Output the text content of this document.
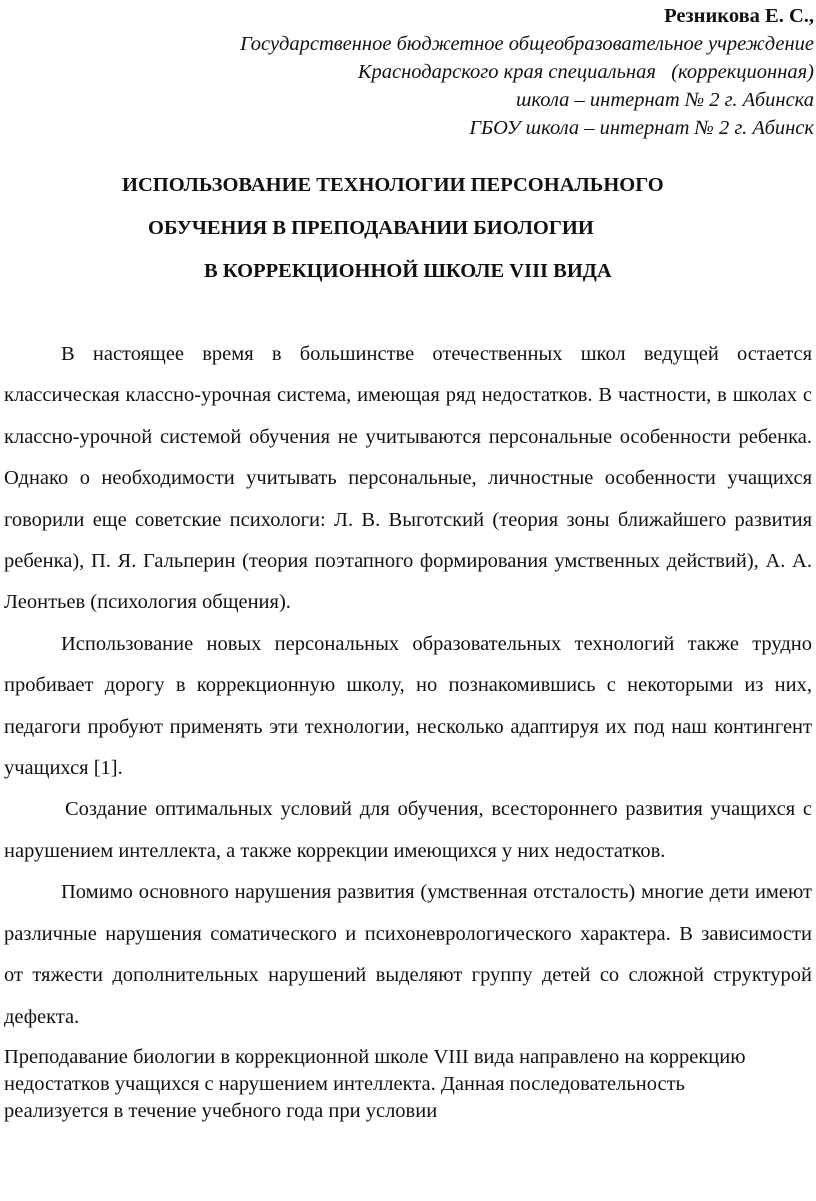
Резникова Е. С.,
Государственное бюджетное общеобразовательное учреждение
Краснодарского края специальная   (коррекционная)
школа – интернат № 2 г. Абинска
ГБОУ школа – интернат № 2 г. Абинск
ИСПОЛЬЗОВАНИЕ ТЕХНОЛОГИИ ПЕРСОНАЛЬНОГО
ОБУЧЕНИЯ В ПРЕПОДАВАНИИ БИОЛОГИИ
В КОРРЕКЦИОННОЙ ШКОЛЕ VIII ВИДА

В настоящее время в большинстве отечественных школ ведущей остается классическая классно-урочная система, имеющая ряд недостатков. В частности, в школах с классно-урочной системой обучения не учитываются персональные особенности ребенка. Однако о необходимости учитывать персональные, личностные особенности учащихся говорили еще советские психологи: Л. В. Выготский (теория зоны ближайшего развития ребенка), П. Я. Гальперин (теория поэтапного формирования умственных действий), А. А. Леонтьев (психология общения).

Использование новых персональных образовательных технологий также трудно пробивает дорогу в коррекционную школу, но познакомившись с некоторыми из них, педагоги пробуют применять эти технологии, несколько адаптируя их под наш контингент учащихся [1].

Создание оптимальных условий для обучения, всестороннего развития учащихся с нарушением интеллекта, а также коррекции имеющихся у них недостатков.

Помимо основного нарушения развития (умственная отсталость) многие дети имеют различные нарушения соматического и психоневрологического характера. В зависимости от тяжести дополнительных нарушений выделяют группу детей со сложной структурой дефекта.

Преподавание биологии в коррекционной школе VIII вида направлено на коррекцию недостатков учащихся с нарушением интеллекта. Данная последовательность реализуется в течение учебного года при условии
